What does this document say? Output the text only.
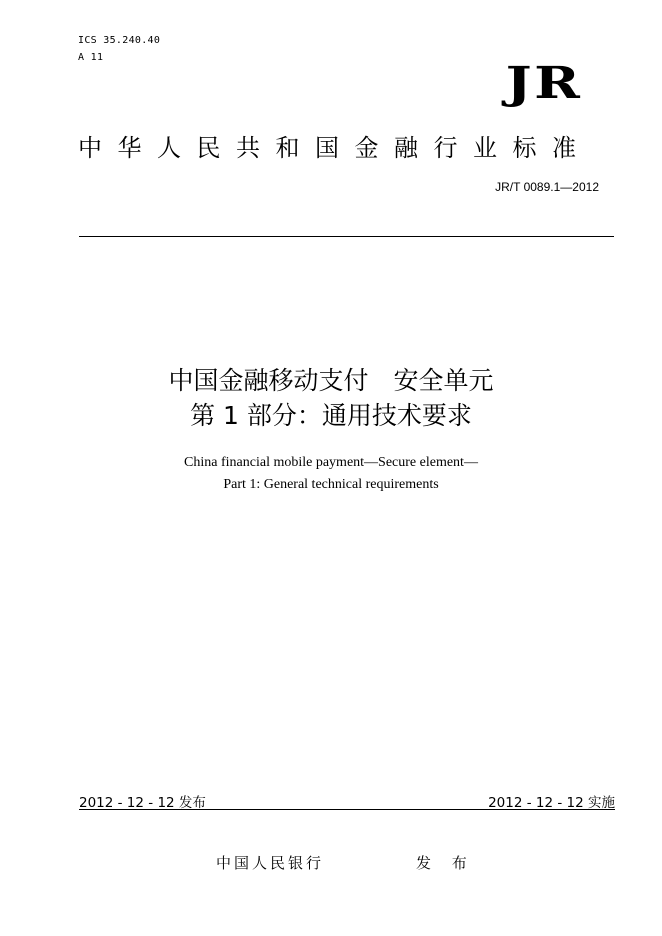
ICS 35.240.40
A 11
JR
中华人民共和国金融行业标准
JR/T 0089.1—2012
中国金融移动支付　安全单元
第 1 部分：通用技术要求
China financial mobile payment—Secure element—
Part 1: General technical requirements
2012 - 12 - 12 发布	2012 - 12 - 12 实施
中国人民银行	发 布
